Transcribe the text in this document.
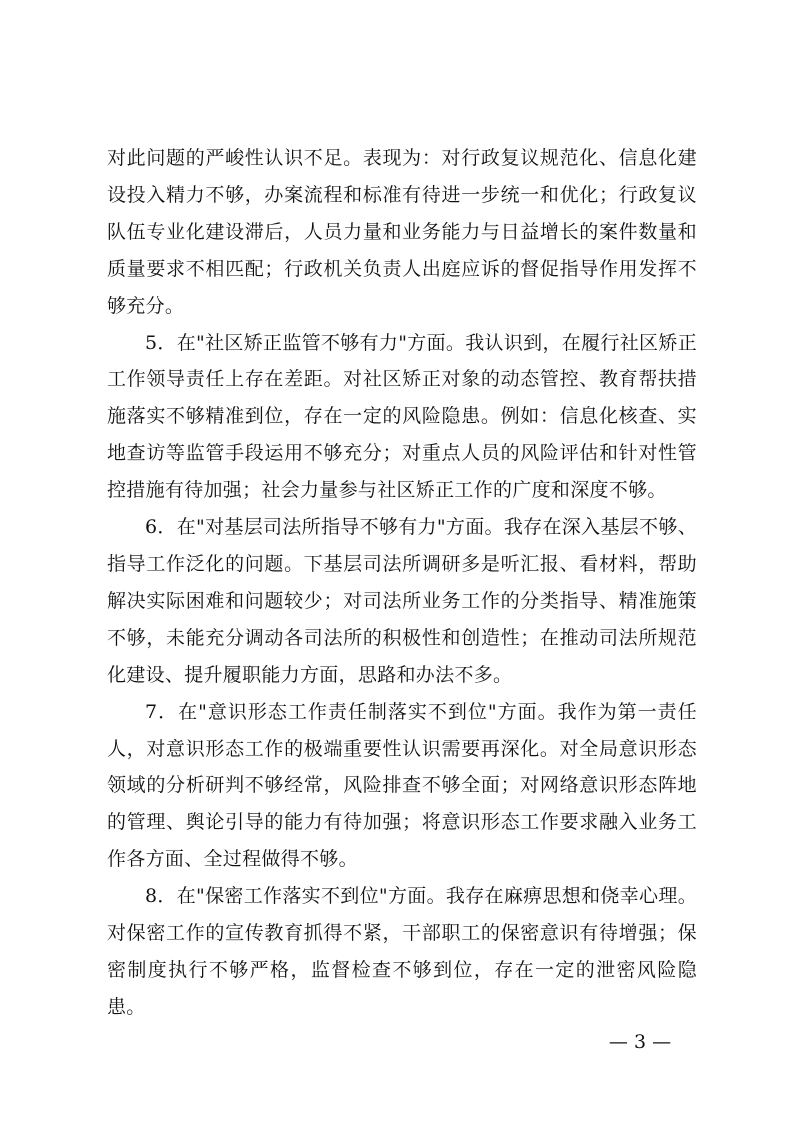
对此问题的严峻性认识不足。表现为：对行政复议规范化、信息化建设投入精力不够，办案流程和标准有待进一步统一和优化；行政复议队伍专业化建设滞后，人员力量和业务能力与日益增长的案件数量和质量要求不相匹配；行政机关负责人出庭应诉的督促指导作用发挥不够充分。

5．在"社区矫正监管不够有力"方面。我认识到，在履行社区矫正工作领导责任上存在差距。对社区矫正对象的动态管控、教育帮扶措施落实不够精准到位，存在一定的风险隐患。例如：信息化核查、实地查访等监管手段运用不够充分；对重点人员的风险评估和针对性管控措施有待加强；社会力量参与社区矫正工作的广度和深度不够。

6．在"对基层司法所指导不够有力"方面。我存在深入基层不够、指导工作泛化的问题。下基层司法所调研多是听汇报、看材料，帮助解决实际困难和问题较少；对司法所业务工作的分类指导、精准施策不够，未能充分调动各司法所的积极性和创造性；在推动司法所规范化建设、提升履职能力方面，思路和办法不多。

7．在"意识形态工作责任制落实不到位"方面。我作为第一责任人，对意识形态工作的极端重要性认识需要再深化。对全局意识形态领域的分析研判不够经常，风险排查不够全面；对网络意识形态阵地的管理、舆论引导的能力有待加强；将意识形态工作要求融入业务工作各方面、全过程做得不够。

8．在"保密工作落实不到位"方面。我存在麻痹思想和侥幸心理。对保密工作的宣传教育抓得不紧，干部职工的保密意识有待增强；保密制度执行不够严格，监督检查不够到位，存在一定的泄密风险隐患。

— 3 —
